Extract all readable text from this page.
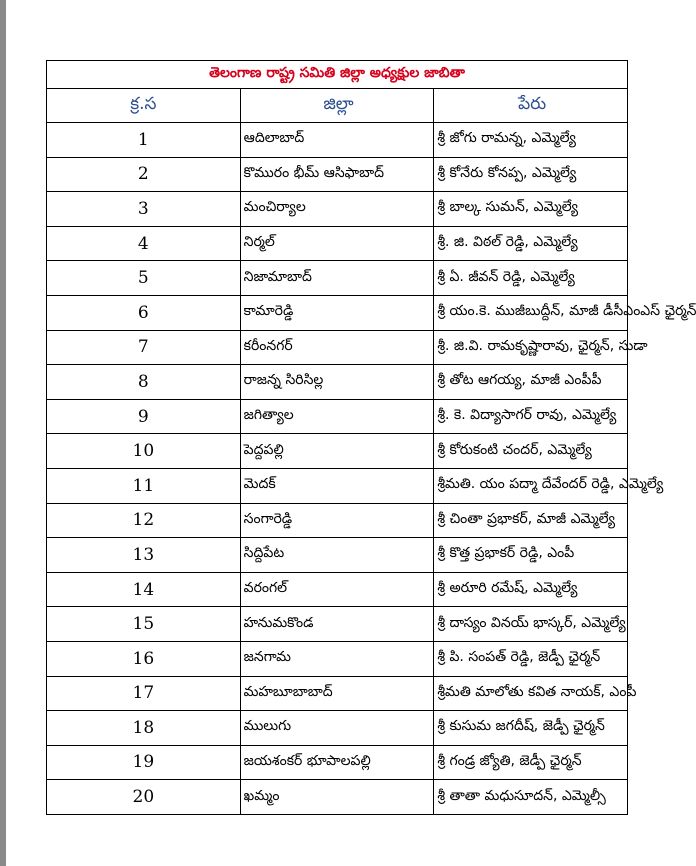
తెలంగాణ రాష్ట్ర సమితి జిల్లా అధ్యక్షుల జాబితా		
క్ర.స	జిల్లా	పేరు
1	ఆదిలాబాద్	శ్రీ జోగు రామన్న, ఎమ్మెల్యే
2	కొమురం భీమ్ ఆసిఫాబాద్	శ్రీ కోనేరు కోనప్ప, ఎమ్మెల్యే
3	మంచిర్యాల	శ్రీ బాల్క సుమన్, ఎమ్మెల్యే
4	నిర్మల్	శ్రీ. జి. విఠల్ రెడ్డి, ఎమ్మెల్యే
5	నిజామాబాద్	శ్రీ ఏ. జీవన్ రెడ్డి, ఎమ్మెల్యే
6	కామారెడ్డి	శ్రీ యం.కె. ముజీబుద్దీన్, మాజీ డీసీఎంఎస్ ఛైర్మన్
7	కరీంనగర్	శ్రీ. జి.వి. రామకృష్ణారావు, ఛైర్మన్, సుడా
8	రాజన్న సిరిసిల్ల	శ్రీ తోట ఆగయ్య, మాజీ ఎంపీపీ
9	జగిత్యాల	శ్రీ. కె. విద్యాసాగర్ రావు, ఎమ్మెల్యే
10	పెద్దపల్లి	శ్రీ కోరుకంటి చందర్, ఎమ్మెల్యే
11	మెదక్	శ్రీమతి. యం పద్మా దేవేందర్ రెడ్డి, ఎమ్మెల్యే
12	సంగారెడ్డి	శ్రీ చింతా ప్రభాకర్, మాజీ ఎమ్మెల్యే
13	సిద్దిపేట	శ్రీ కొత్త ప్రభాకర్ రెడ్డి, ఎంపీ
14	వరంగల్	శ్రీ అరూరి రమేష్, ఎమ్మెల్యే
15	హనుమకొండ	శ్రీ దాస్యం వినయ్ భాస్కర్, ఎమ్మెల్యే
16	జనగామ	శ్రీ పి. సంపత్ రెడ్డి, జెడ్పీ ఛైర్మన్
17	మహబూబాబాద్	శ్రీమతి మాలోతు కవిత నాయక్, ఎంపీ
18	ములుగు	శ్రీ కుసుమ జగదీష్, జెడ్పీ ఛైర్మన్
19	జయశంకర్ భూపాలపల్లి	శ్రీ గండ్ర జ్యోతి, జెడ్పీ ఛైర్మన్
20	ఖమ్మం	శ్రీ తాతా మధుసూదన్, ఎమ్మెల్సీ
